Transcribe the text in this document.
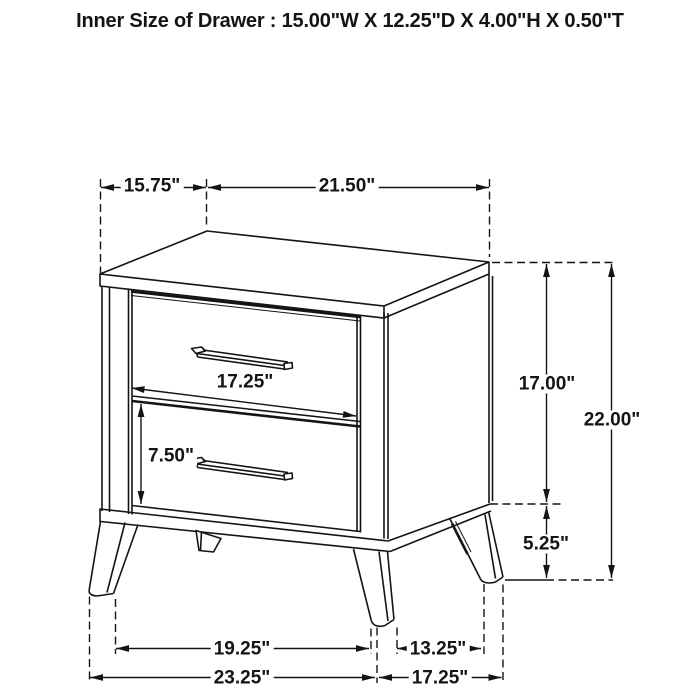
Inner Size of Drawer : 15.00"W X 12.25"D X 4.00"H X 0.50"T
15.75"	21.50"
17.00"
22.00"
5.25"
17.25"
7.50"
19.25"	13.25"
23.25"	17.25"
